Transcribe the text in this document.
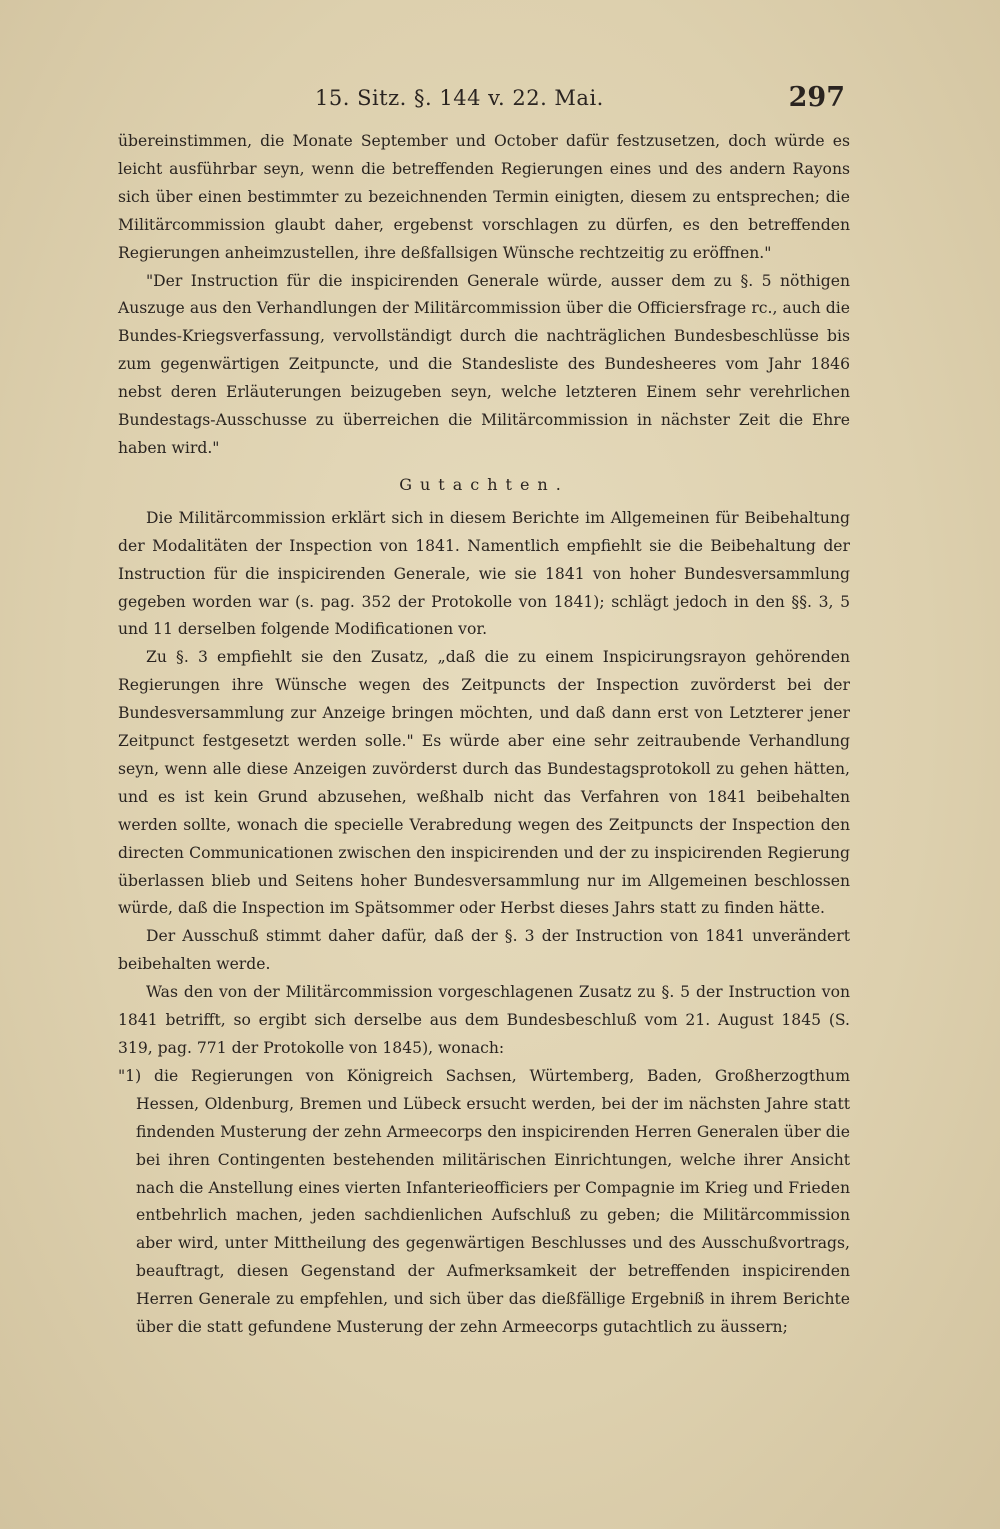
15. Sitz. §. 144 v. 22. Mai.	297

übereinstimmen, die Monate September und October dafür festzusetzen, doch würde es leicht ausführbar seyn, wenn die betreffenden Regierungen eines und des andern Rayons sich über einen bestimmter zu bezeichnenden Termin einigten, diesem zu entsprechen; die Militärcommission glaubt daher, ergebenst vorschlagen zu dürfen, es den betreffenden Regierungen anheimzustellen, ihre deßfallsigen Wünsche rechtzeitig zu eröffnen."

"Der Instruction für die inspicirenden Generale würde, ausser dem zu §. 5 nöthigen Auszuge aus den Verhandlungen der Militärcommission über die Officiersfrage rc., auch die Bundes-Kriegsverfassung, vervollständigt durch die nachträglichen Bundesbeschlüsse bis zum gegenwärtigen Zeitpuncte, und die Standesliste des Bundesheeres vom Jahr 1846 nebst deren Erläuterungen beizugeben seyn, welche letzteren Einem sehr verehrlichen Bundestags-Ausschusse zu überreichen die Militärcommission in nächster Zeit die Ehre haben wird."

Gutachten.

Die Militärcommission erklärt sich in diesem Berichte im Allgemeinen für Beibehaltung der Modalitäten der Inspection von 1841. Namentlich empfiehlt sie die Beibehaltung der Instruction für die inspicirenden Generale, wie sie 1841 von hoher Bundesversammlung gegeben worden war (s. pag. 352 der Protokolle von 1841); schlägt jedoch in den §§. 3, 5 und 11 derselben folgende Modificationen vor.

Zu §. 3 empfiehlt sie den Zusatz, „daß die zu einem Inspicirungsrayon gehörenden Regierungen ihre Wünsche wegen des Zeitpuncts der Inspection zuvörderst bei der Bundesversammlung zur Anzeige bringen möchten, und daß dann erst von Letzterer jener Zeitpunct festgesetzt werden solle." Es würde aber eine sehr zeitraubende Verhandlung seyn, wenn alle diese Anzeigen zuvörderst durch das Bundestagsprotokoll zu gehen hätten, und es ist kein Grund abzusehen, weßhalb nicht das Verfahren von 1841 beibehalten werden sollte, wonach die specielle Verabredung wegen des Zeitpuncts der Inspection den directen Communicationen zwischen den inspicirenden und der zu inspicirenden Regierung überlassen blieb und Seitens hoher Bundesversammlung nur im Allgemeinen beschlossen würde, daß die Inspection im Spätsommer oder Herbst dieses Jahrs statt zu finden hätte.

Der Ausschuß stimmt daher dafür, daß der §. 3 der Instruction von 1841 unverändert beibehalten werde.

Was den von der Militärcommission vorgeschlagenen Zusatz zu §. 5 der Instruction von 1841 betrifft, so ergibt sich derselbe aus dem Bundesbeschluß vom 21. August 1845 (S. 319, pag. 771 der Protokolle von 1845), wonach:

"1) die Regierungen von Königreich Sachsen, Würtemberg, Baden, Großherzogthum Hessen, Oldenburg, Bremen und Lübeck ersucht werden, bei der im nächsten Jahre statt findenden Musterung der zehn Armeecorps den inspicirenden Herren Generalen über die bei ihren Contingenten bestehenden militärischen Einrichtungen, welche ihrer Ansicht nach die Anstellung eines vierten Infanterieofficiers per Compagnie im Krieg und Frieden entbehrlich machen, jeden sachdienlichen Aufschluß zu geben; die Militärcommission aber wird, unter Mittheilung des gegenwärtigen Beschlusses und des Ausschußvortrags, beauftragt, diesen Gegenstand der Aufmerksamkeit der betreffenden inspicirenden Herren Generale zu empfehlen, und sich über das dießfällige Ergebniß in ihrem Berichte über die statt gefundene Musterung der zehn Armeecorps gutachtlich zu äussern;
